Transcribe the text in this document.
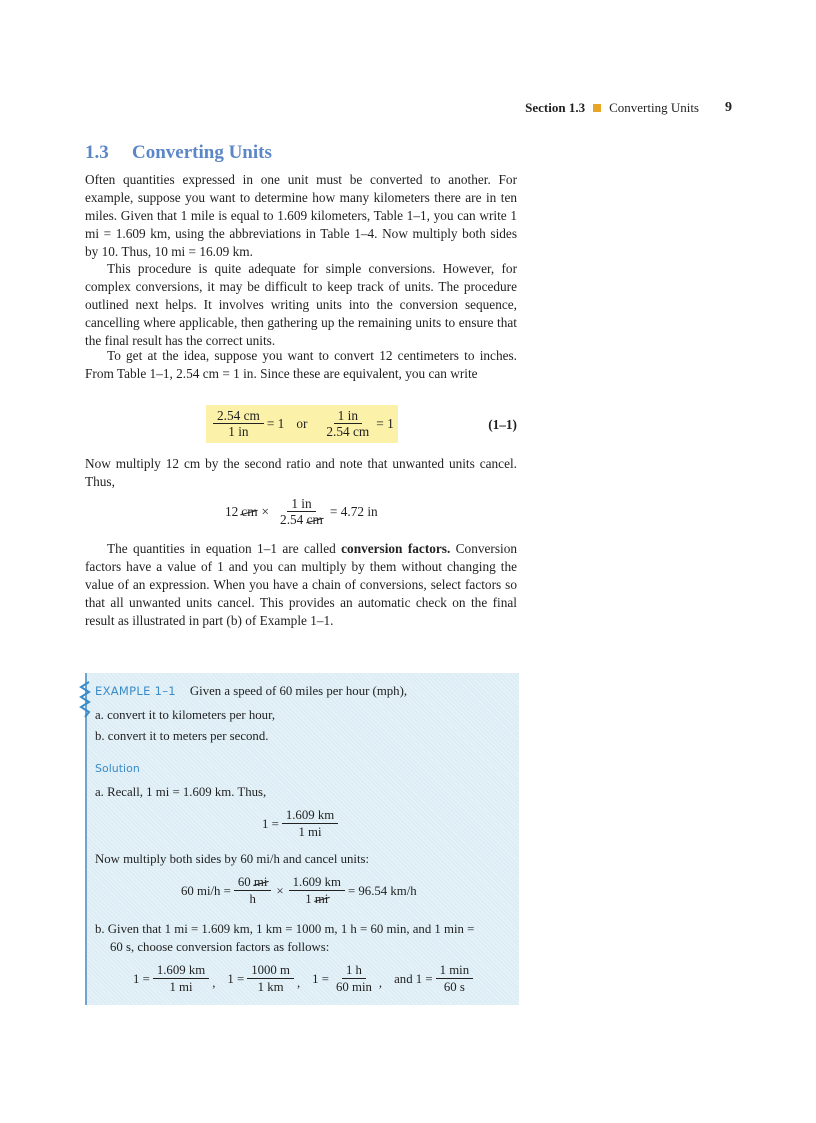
Section 1.3 Converting Units 9
1.3 Converting Units

Often quantities expressed in one unit must be converted to another. For example, suppose you want to determine how many kilometers there are in ten miles. Given that 1 mile is equal to 1.609 kilometers, Table 1–1, you can write 1 mi = 1.609 km, using the abbreviations in Table 1–4. Now multiply both sides by 10. Thus, 10 mi = 16.09 km.

This procedure is quite adequate for simple conversions. However, for complex conversions, it may be difficult to keep track of units. The procedure outlined next helps. It involves writing units into the conversion sequence, cancelling where applicable, then gathering up the remaining units to ensure that the final result has the correct units.

To get at the idea, suppose you want to convert 12 centimeters to inches. From Table 1–1, 2.54 cm = 1 in. Since these are equivalent, you can write

$\frac{2.54 cm}{1 in} = 1$ or $\frac{1 in}{2.54 cm} = 1$	(1–1)

Now multiply 12 cm by the second ratio and note that unwanted units cancel. Thus,

12 cm × $\frac{1 in}{2.54 cm} = 4.72$ in

The quantities in equation 1–1 are called conversion factors. Conversion factors have a value of 1 and you can multiply by them without changing the value of an expression. When you have a chain of conversions, select factors so that all unwanted units cancel. This provides an automatic check on the final result as illustrated in part (b) of Example 1–1.

EXAMPLE 1–1 Given a speed of 60 miles per hour (mph),

a. convert it to kilometers per hour,

b. convert it to meters per second.

Solution

a. Recall, 1 mi = 1.609 km. Thus,

$1 = \frac{1.609 km}{1 mi}$

Now multiply both sides by 60 mi/h and cancel units:

60 $mi/h = \frac{60 mi}{h} \times \frac{1.609 km}{1 mi} = 96.54$ km/h

b. Given that 1 mi = 1.609 km, 1 km = 1000 m, 1 h = 60 min, and 1 min =

60 s, choose conversion factors as follows:

$1 = \frac{1.609 km}{1 mi}$ , $1 = \frac{1000 m}{1 km}$ , $1 = \frac{1 h}{60 \min}$ , and $1 = \frac{1 \min}{60 s}$
